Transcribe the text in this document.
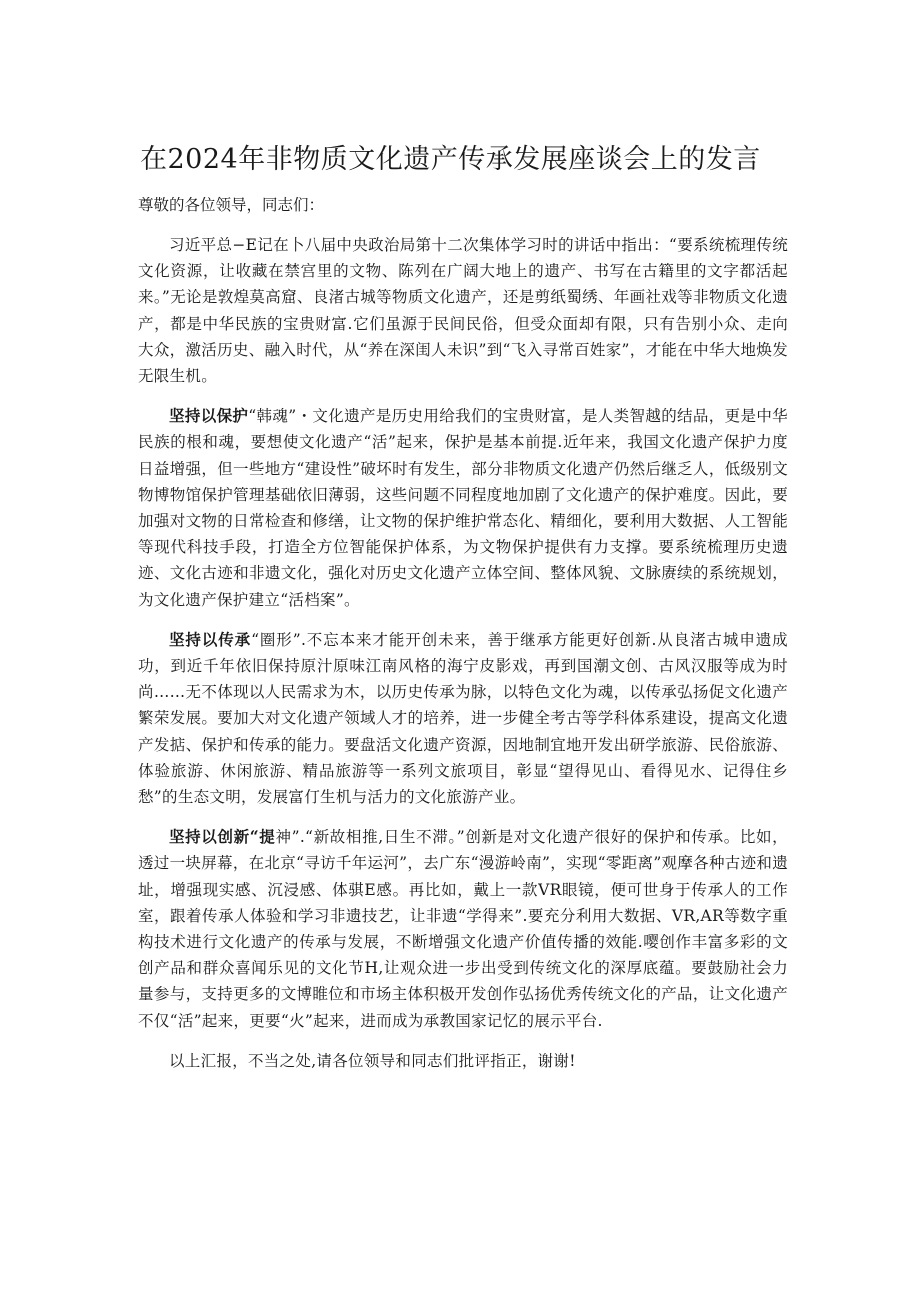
在2024年非物质文化遗产传承发展座谈会上的发言

尊敬的各位领导，同志们：

习近平总−E记在卜八届中央政治局第十二次集体学习时的讲话中指出：“要系统梳理传统文化资源，让收藏在禁宫里的文物、陈列在广阔大地上的遗产、书写在古籍里的文字都活起来。”无论是敦煌莫高窟、良渚古城等物质文化遗产，还是剪纸蜀绣、年画社戏等非物质文化遗产，都是中华民族的宝贵财富.它们虽源于民间民俗，但受众面却有限，只有告别小众、走向大众，激活历史、融入时代，从“养在深闺人未识”到“飞入寻常百姓家”，才能在中华大地焕发无限生机。

坚持以保护“韩魂”・文化遗产是历史用给我们的宝贵财富，是人类智越的结品，更是中华民族的根和魂，要想使文化遗产“活”起来，保护是基本前提.近年来，我国文化遗产保护力度日益增强，但一些地方“建设性”破坏时有发生，部分非物质文化遗产仍然后继乏人，低级别文物博物馆保护管理基础依旧薄弱，这些问题不同程度地加剧了文化遗产的保护难度。因此，要加强对文物的日常检查和修缮，让文物的保护维护常态化、精细化，要利用大数据、人工智能等现代科技手段，打造全方位智能保护体系，为文物保护提供有力支撑。要系统梳理历史遗迹、文化古迹和非遗文化，强化对历史文化遗产立体空间、整体风貌、文脉赓续的系统规划，为文化遗产保护建立“活档案”。

坚持以传承“圈形”.不忘本来才能开创未来，善于继承方能更好创新.从良渚古城申遗成功，到近千年依旧保持原汁原味江南风格的海宁皮影戏，再到国潮文创、古风汉服等成为时尚……无不体现以人民需求为木，以历史传承为脉，以特色文化为魂，以传承弘扬促文化遗产繁荣发展。要加大对文化遗产领域人才的培养，进一步健全考古等学科体系建设，提高文化遗产发掂、保护和传承的能力。要盘活文化遗产资源，因地制宜地开发出研学旅游、民俗旅游、体验旅游、休闲旅游、精品旅游等一系列文旅项目，彰显“望得见山、看得见水、记得住乡愁”的生态文明，发展富仃生机与活力的文化旅游产业。

坚持以创新“提神”.“新故相推,日生不滞。”创新是对文化遗产很好的保护和传承。比如，透过一块屏幕，在北京“寻访千年运河”，去广东“漫游岭南”，实现“零距离”观摩各种古迹和遗址，增强现实感、沉浸感、体骐E感。再比如，戴上一款VR眼镜，便可世身于传承人的工作室，跟着传承人体验和学习非遗技艺，让非遗“学得来”.要充分利用大数据、VR,AR等数字重构技术进行文化遗产的传承与发展，不断增强文化遗产价值传播的效能.嘤创作丰富多彩的文创产品和群众喜闻乐见的文化节H,让观众进一步出受到传统文化的深厚底蕴。要鼓励社会力量参与，支持更多的文博睢位和市场主体积极开发创作弘扬优秀传统文化的产品，让文化遗产不仅“活”起来，更要“火”起来，进而成为承教国家记忆的展示平台.

以上汇报，不当之处,请各位领导和同志们批评指正，谢谢!
